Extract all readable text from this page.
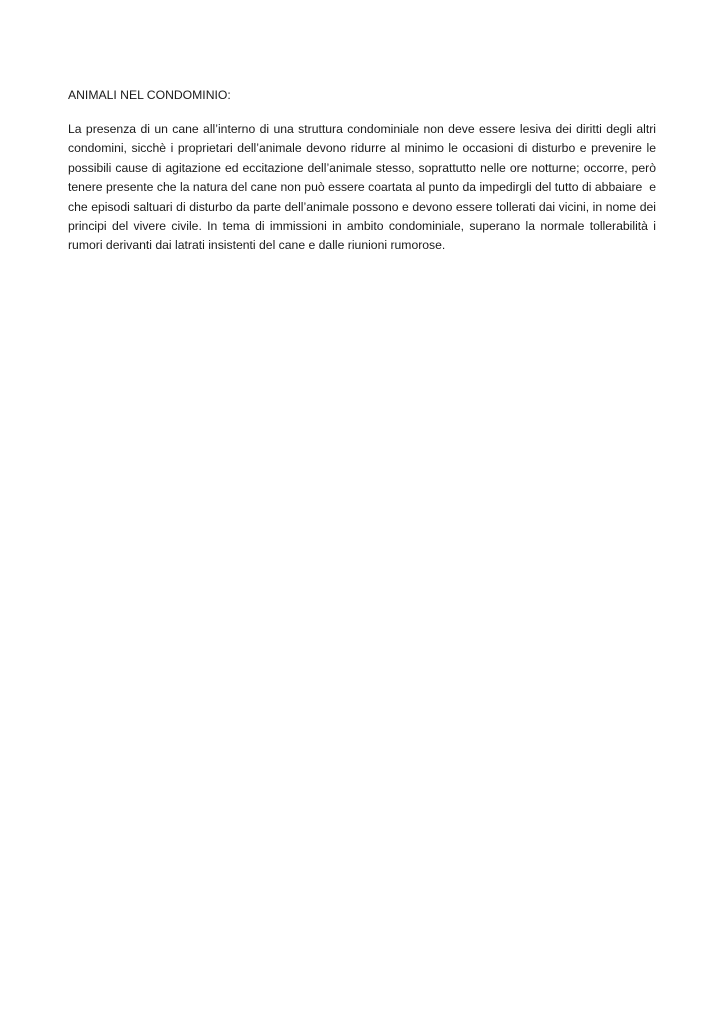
ANIMALI NEL CONDOMINIO:

La presenza di un cane all’interno di una struttura condominiale non deve essere lesiva dei diritti degli altri condomini, sicchè i proprietari dell’animale devono ridurre al minimo le occasioni di disturbo e prevenire le possibili cause di agitazione ed eccitazione dell’animale stesso, soprattutto nelle ore notturne; occorre, però tenere presente che la natura del cane non può essere coartata al punto da impedirgli del tutto di abbaiare  e che episodi saltuari di disturbo da parte dell’animale possono e devono essere tollerati dai vicini, in nome dei principi del vivere civile. In tema di immissioni in ambito condominiale, superano la normale tollerabilità i rumori derivanti dai latrati insistenti del cane e dalle riunioni rumorose.
